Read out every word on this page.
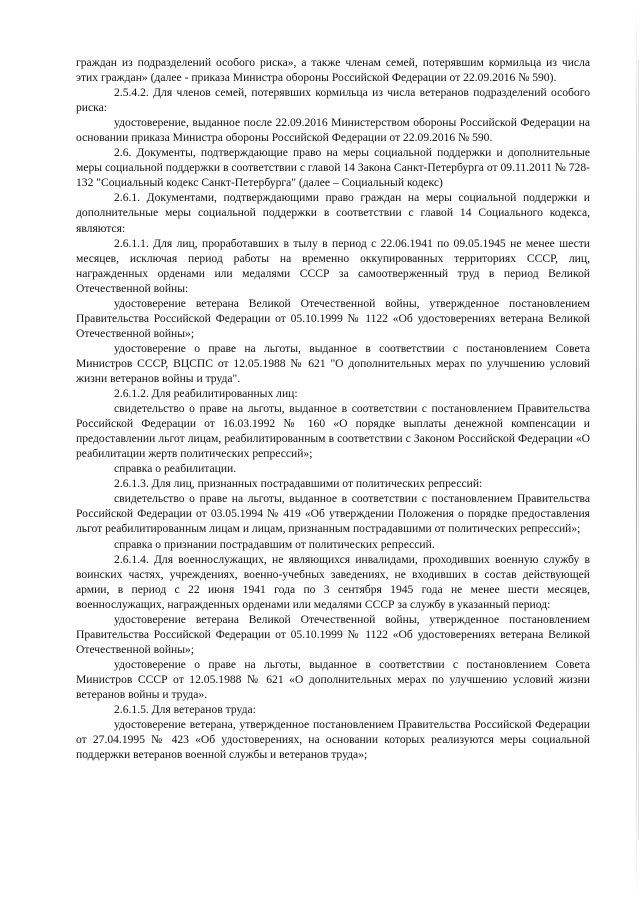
граждан из подразделений особого риска», а также членам семей, потерявшим кормильца из числа этих граждан» (далее - приказа Министра обороны Российской Федерации от 22.09.2016 № 590).

2.5.4.2. Для членов семей, потерявших кормильца из числа ветеранов подразделений особого риска:

удостоверение, выданное после 22.09.2016 Министерством обороны Российской Федерации на основании приказа Министра обороны Российской Федерации от 22.09.2016 № 590.

2.6. Документы, подтверждающие право на меры социальной поддержки и дополнительные меры социальной поддержки в соответствии с главой 14 Закона Санкт-Петербурга от 09.11.2011 № 728-132 "Социальный кодекс Санкт-Петербурга" (далее – Социальный кодекс)

2.6.1. Документами, подтверждающими право граждан на меры социальной поддержки и дополнительные меры социальной поддержки в соответствии с главой 14 Социального кодекса, являются:

2.6.1.1. Для лиц, проработавших в тылу в период с 22.06.1941 по 09.05.1945 не менее шести месяцев, исключая период работы на временно оккупированных территориях СССР, лиц, награжденных орденами или медалями СССР за самоотверженный труд в период Великой Отечественной войны:

удостоверение ветерана Великой Отечественной войны, утвержденное постановлением Правительства Российской Федерации от 05.10.1999 № 1122 «Об удостоверениях ветерана Великой Отечественной войны»;

удостоверение о праве на льготы, выданное в соответствии с постановлением Совета Министров СССР, ВЦСПС от 12.05.1988 № 621 "О дополнительных мерах по улучшению условий жизни ветеранов войны и труда".

2.6.1.2. Для реабилитированных лиц:

свидетельство о праве на льготы, выданное в соответствии с постановлением Правительства Российской Федерации от 16.03.1992 № 160 «О порядке выплаты денежной компенсации и предоставлении льгот лицам, реабилитированным в соответствии с Законом Российской Федерации «О реабилитации жертв политических репрессий»;

справка о реабилитации.

2.6.1.3. Для лиц, признанных пострадавшими от политических репрессий:

свидетельство о праве на льготы, выданное в соответствии с постановлением Правительства Российской Федерации от 03.05.1994 № 419 «Об утверждении Положения о порядке предоставления льгот реабилитированным лицам и лицам, признанным пострадавшими от политических репрессий»;

справка о признании пострадавшим от политических репрессий.

2.6.1.4. Для военнослужащих, не являющихся инвалидами, проходивших военную службу в воинских частях, учреждениях, военно-учебных заведениях, не входивших в состав действующей армии, в период с 22 июня 1941 года по 3 сентября 1945 года не менее шести месяцев, военнослужащих, награжденных орденами или медалями СССР за службу в указанный период:

удостоверение ветерана Великой Отечественной войны, утвержденное постановлением Правительства Российской Федерации от 05.10.1999 № 1122 «Об удостоверениях ветерана Великой Отечественной войны»;

удостоверение о праве на льготы, выданное в соответствии с постановлением Совета Министров СССР от 12.05.1988 № 621 «О дополнительных мерах по улучшению условий жизни ветеранов войны и труда».

2.6.1.5. Для ветеранов труда:

удостоверение ветерана, утвержденное постановлением Правительства Российской Федерации от 27.04.1995 № 423 «Об удостоверениях, на основании которых реализуются меры социальной поддержки ветеранов военной службы и ветеранов труда»;
